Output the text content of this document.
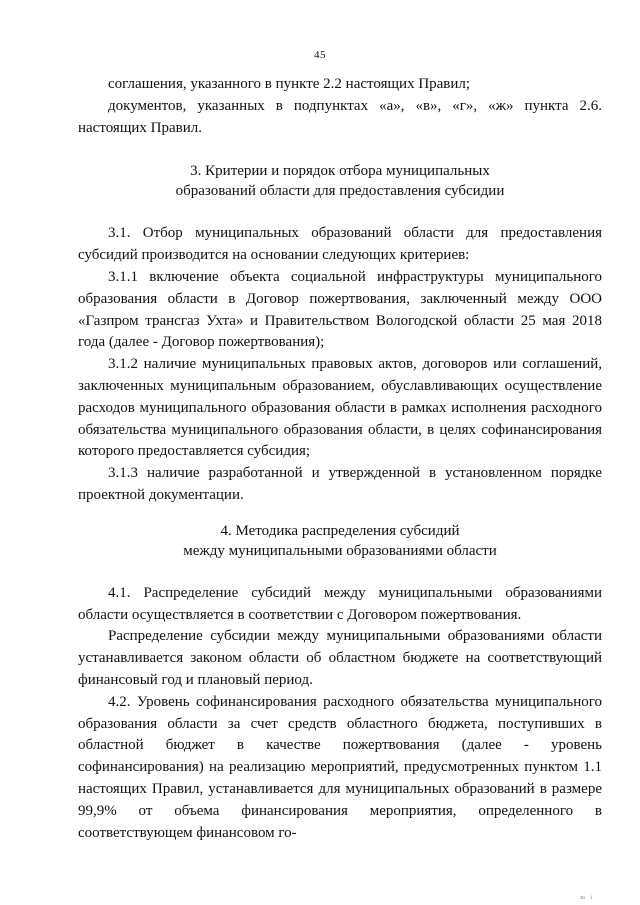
45

соглашения, указанного в пункте 2.2 настоящих Правил;

документов, указанных в подпунктах «а», «в», «г», «ж» пункта 2.6. настоящих Правил.

3. Критерии и порядок отбора муниципальных
образований области для предоставления субсидии

3.1. Отбор муниципальных образований области для предоставления субсидий производится на основании следующих критериев:

3.1.1 включение объекта социальной инфраструктуры муниципального образования области в Договор пожертвования, заключенный между ООО «Газпром трансгаз Ухта» и Правительством Вологодской области 25 мая 2018 года (далее - Договор пожертвования);

3.1.2 наличие муниципальных правовых актов, договоров или соглашений, заключенных муниципальным образованием, обуславливающих осуществление расходов муниципального образования области в рамках исполнения расходного обязательства муниципального образования области, в целях софинансирования которого предоставляется субсидия;

3.1.3 наличие разработанной и утвержденной в установленном порядке проектной документации.

4. Методика распределения субсидий
между муниципальными образованиями области

4.1. Распределение субсидий между муниципальными образованиями области осуществляется в соответствии с Договором пожертвования.

Распределение субсидии между муниципальными образованиями области устанавливается законом области об областном бюджете на соответствующий финансовый год и плановый период.

4.2. Уровень софинансирования расходного обязательства муниципального образования области за счет средств областного бюджета, поступивших в областной бюджет в качестве пожертвования (далее - уровень софинансирования) на реализацию мероприятий, предусмотренных пунктом 1.1 настоящих Правил, устанавливается для муниципальных образований в размере 99,9% от объема финансирования мероприятия, определенного в соответствующем финансовом го-

ш і
